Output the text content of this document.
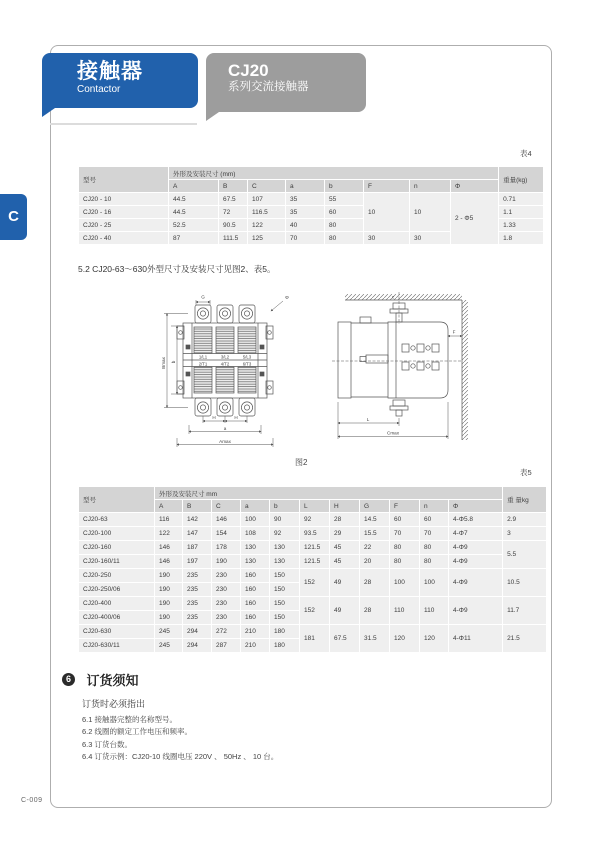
C
接触器
Contactor
CJ20
系列交流接触器
表4
型号	外形及安装尺寸 (mm)								重量(kg)
	A	B	C	a	b	F	n	Φ	
CJ20 - 10	44.5	67.5	107	35	55	10	10	2 - Φ5	0.71
CJ20 - 16	44.5	72	116.5	35	60				1.1
CJ20 - 25	52.5	90.5	122	40	80				1.33
CJ20 - 40	87	111.5	125	70	80	30	30		1.8
5.2 CJ20-63～630外型尺寸及安装尺寸见图2、表5。
1/L1	3/L2	5/L3
2/T1	4/T2	6/T3
G	Φ
Bmax b
H	H
a
Amax
c
F
L
Cmax
图2
表5
型号	外形及安装尺寸 mm											重 量kg
	A	B	C	a	b	L	H	G	F	n	Φ	
CJ20-63	116	142	146	100	90	92	28	14.5	60	60	4-Φ5.8	2.9
CJ20-100	122	147	154	108	92	93.5	29	15.5	70	70	4-Φ7	3
CJ20-160	146	187	178	130	130	121.5	45	22	80	80	4-Φ9	5.5
CJ20-160/11	146	197	190	130	130	121.5	45	20	80	80	4-Φ9	
CJ20-250	190	235	230	160	150	152	49	28	100	100	4-Φ9	10.5
CJ20-250/06	190	235	230	160	150							
CJ20-400	190	235	230	160	150	152	49	28	110	110	4-Φ9	11.7
CJ20-400/06	190	235	230	160	150							
CJ20-630	245	294	272	210	180	181	67.5	31.5	120	120	4-Φ11	21.5
CJ20-630/11	245	294	287	210	180							
6 订货须知
订货时必须指出
6.1 接触器完整的名称型号。
6.2 线圈的额定工作电压和频率。
6.3 订货台数。
6.4 订货示例：CJ20-10 线圈电压 220V 、 50Hz 、 10 台。
C-009
